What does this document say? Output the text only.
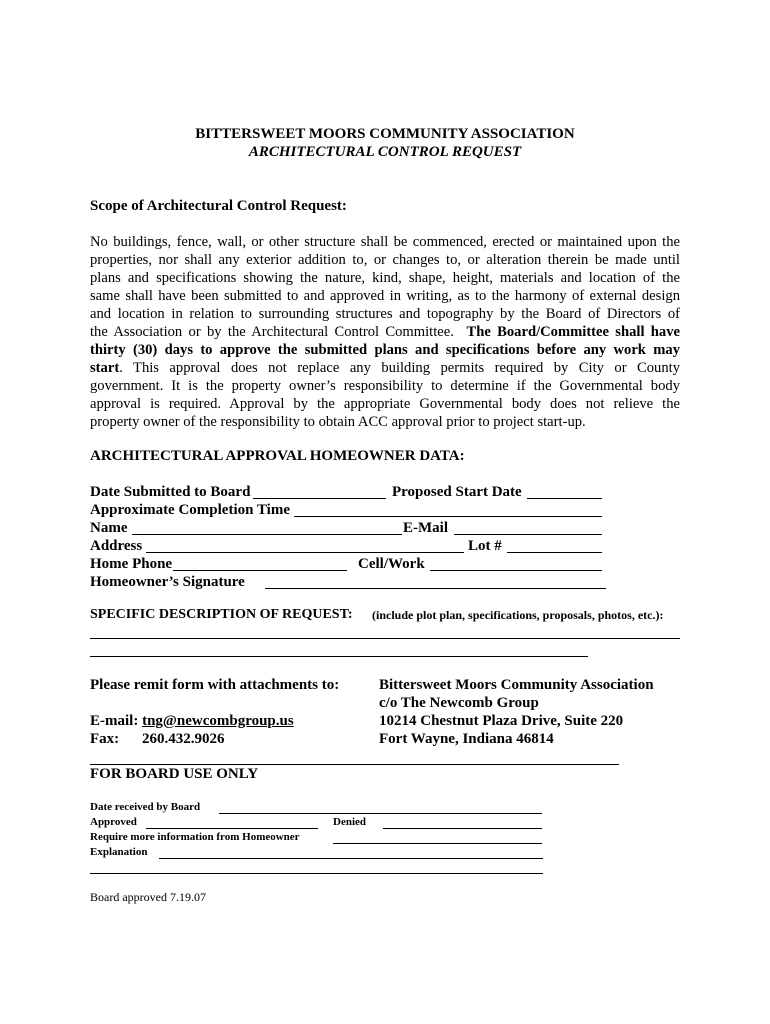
BITTERSWEET MOORS COMMUNITY ASSOCIATION
ARCHITECTURAL CONTROL REQUEST
Scope of Architectural Control Request:
No buildings, fence, wall, or other structure shall be commenced, erected or maintained upon the
properties, nor shall any exterior addition to, or changes to, or alteration therein be made until
plans and specifications showing the nature, kind, shape, height, materials and location of the
same shall have been submitted to and approved in writing, as to the harmony of external design
and location in relation to surrounding structures and topography by the Board of Directors of
the Association or by the Architectural Control Committee. The Board/Committee shall have
thirty (30) days to approve the submitted plans and specifications before any work may
start. This approval does not replace any building permits required by City or County
government. It is the property owner’s responsibility to determine if the Governmental body
approval is required. Approval by the appropriate Governmental body does not relieve the
property owner of the responsibility to obtain ACC approval prior to project start-up.
ARCHITECTURAL APPROVAL HOMEOWNER DATA:
Date Submitted to Board	Proposed Start Date
Approximate Completion Time
Name	E-Mail
Address	Lot #
Home Phone	Cell/Work
Homeowner’s Signature
SPECIFIC DESCRIPTION OF REQUEST: (include plot plan, specifications, proposals, photos, etc.):
Please remit form with attachments to:
E-mail: tng@newcombgroup.us
Fax: 260.432.9026
Bittersweet Moors Community Association
c/o The Newcomb Group
10214 Chestnut Plaza Drive, Suite 220
Fort Wayne, Indiana 46814
FOR BOARD USE ONLY
Date received by Board
Approved	Denied
Require more information from Homeowner
Explanation
Board approved 7.19.07
